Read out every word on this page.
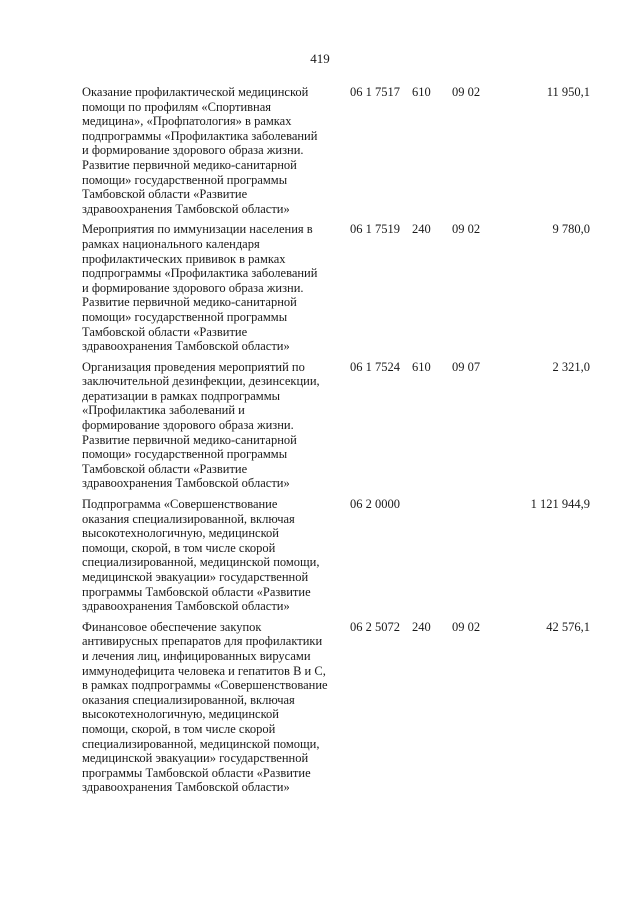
419
Оказание профилактической медицинской
помощи по профилям «Спортивная
медицина», «Профпатология» в рамках
подпрограммы «Профилактика заболеваний
и формирование здорового образа жизни.
Развитие первичной медико-санитарной
помощи» государственной программы
Тамбовской области «Развитие
здравоохранения Тамбовской области»
06 1 7517 610 09 02	11 950,1
Мероприятия по иммунизации населения в
рамках национального календаря
профилактических прививок в рамках
подпрограммы «Профилактика заболеваний
и формирование здорового образа жизни.
Развитие первичной медико-санитарной
помощи» государственной программы
Тамбовской области «Развитие
здравоохранения Тамбовской области»
06 1 7519 240 09 02	9 780,0
Организация проведения мероприятий по
заключительной дезинфекции, дезинсекции,
дератизации в рамках подпрограммы
«Профилактика заболеваний и
формирование здорового образа жизни.
Развитие первичной медико-санитарной
помощи» государственной программы
Тамбовской области «Развитие
здравоохранения Тамбовской области»
06 1 7524 610 09 07	2 321,0
Подпрограмма «Совершенствование
оказания специализированной, включая
высокотехнологичную, медицинской
помощи, скорой, в том числе скорой
специализированной, медицинской помощи,
медицинской эвакуации» государственной
программы Тамбовской области «Развитие
здравоохранения Тамбовской области»
06 2 0000	1 121 944,9
Финансовое обеспечение закупок
антивирусных препаратов для профилактики
и лечения лиц, инфицированных вирусами
иммунодефицита человека и гепатитов В и С,
в рамках подпрограммы «Совершенствование
оказания специализированной, включая
высокотехнологичную, медицинской
помощи, скорой, в том числе скорой
специализированной, медицинской помощи,
медицинской эвакуации» государственной
программы Тамбовской области «Развитие
здравоохранения Тамбовской области»
06 2 5072 240 09 02	42 576,1
